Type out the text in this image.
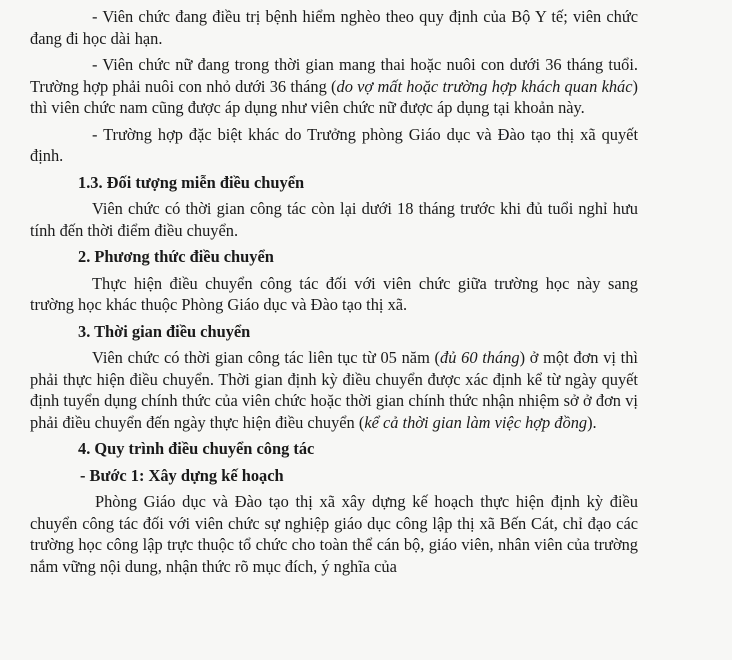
- Viên chức đang điều trị bệnh hiểm nghèo theo quy định của Bộ Y tế; viên chức đang đi học dài hạn.

- Viên chức nữ đang trong thời gian mang thai hoặc nuôi con dưới 36 tháng tuổi. Trường hợp phải nuôi con nhỏ dưới 36 tháng (do vợ mất hoặc trường hợp khách quan khác) thì viên chức nam cũng được áp dụng như viên chức nữ được áp dụng tại khoản này.

- Trường hợp đặc biệt khác do Trưởng phòng Giáo dục và Đào tạo thị xã quyết định.

1.3. Đối tượng miễn điều chuyển

Viên chức có thời gian công tác còn lại dưới 18 tháng trước khi đủ tuổi nghỉ hưu tính đến thời điểm điều chuyển.

2. Phương thức điều chuyển

Thực hiện điều chuyển công tác đối với viên chức giữa trường học này sang trường học khác thuộc Phòng Giáo dục và Đào tạo thị xã.

3. Thời gian điều chuyển

Viên chức có thời gian công tác liên tục từ 05 năm (đủ 60 tháng) ở một đơn vị thì phải thực hiện điều chuyển. Thời gian định kỳ điều chuyển được xác định kể từ ngày quyết định tuyển dụng chính thức của viên chức hoặc thời gian chính thức nhận nhiệm sở ở đơn vị phải điều chuyển đến ngày thực hiện điều chuyển (kể cả thời gian làm việc hợp đồng).

4. Quy trình điều chuyển công tác

- Bước 1: Xây dựng kế hoạch

Phòng Giáo dục và Đào tạo thị xã xây dựng kế hoạch thực hiện định kỳ điều chuyển công tác đối với viên chức sự nghiệp giáo dục công lập thị xã Bến Cát, chỉ đạo các trường học công lập trực thuộc tổ chức cho toàn thể cán bộ, giáo viên, nhân viên của trường nắm vững nội dung, nhận thức rõ mục đích, ý nghĩa của
